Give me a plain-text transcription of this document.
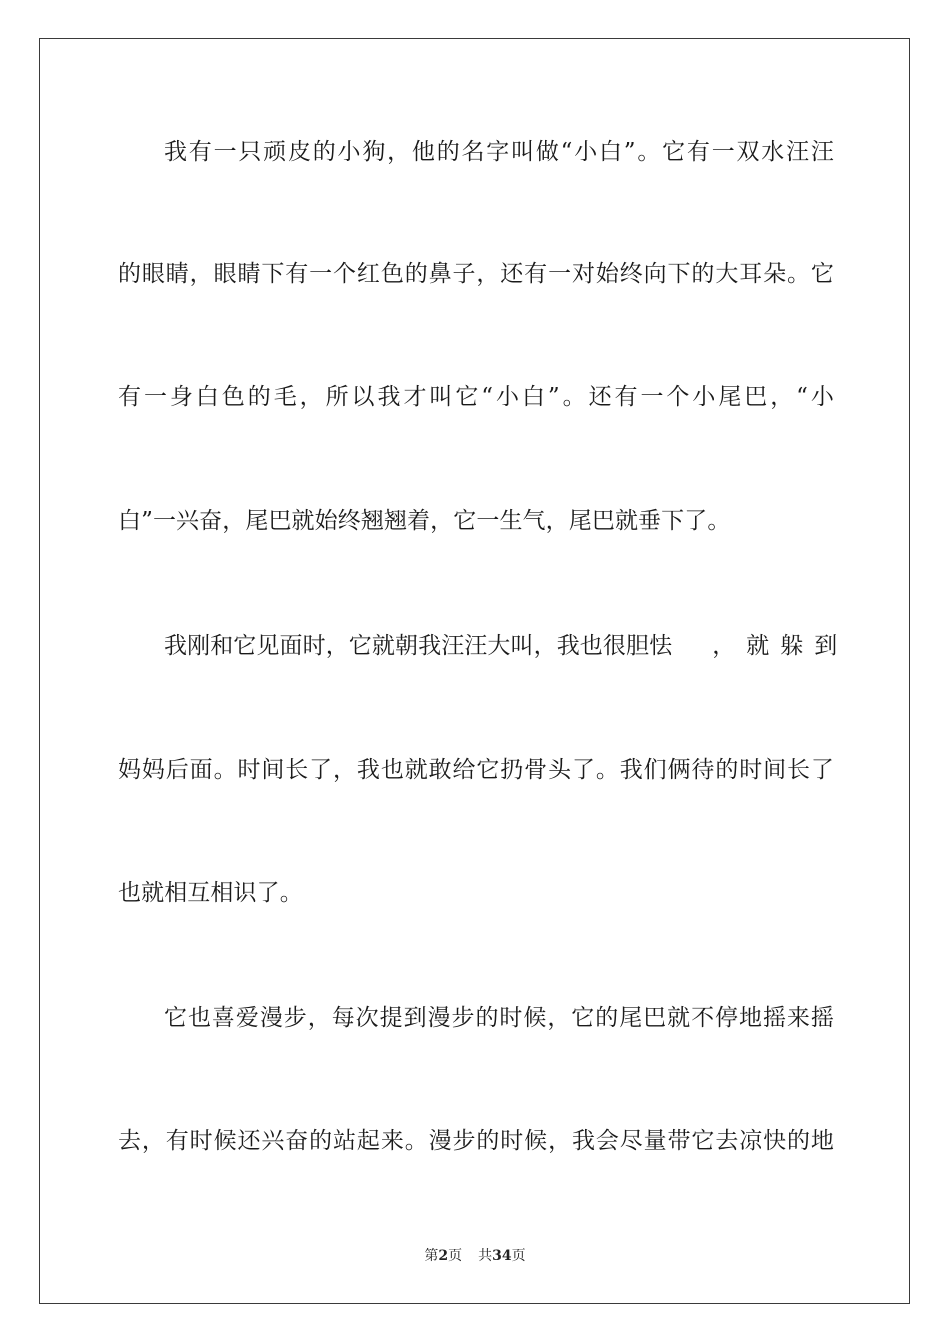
我有一只顽皮的小狗，他的名字叫做“小白”。它有一双水汪汪
的眼睛，眼睛下有一个红色的鼻子，还有一对始终向下的大耳朵。它
有一身白色的毛，所以我才叫它“小白”。还有一个小尾巴，“小
白”一兴奋，尾巴就始终翘翘着，它一生气，尾巴就垂下了。
我刚和它见面时，它就朝我汪汪大叫，我也很胆怯 ，就躲到
妈妈后面。时间长了，我也就敢给它扔骨头了。我们俩待的时间长了
也就相互相识了。
它也喜爱漫步，每次提到漫步的时候，它的尾巴就不停地摇来摇
去，有时候还兴奋的站起来。漫步的时候，我会尽量带它去凉快的地
第2页 共34页
